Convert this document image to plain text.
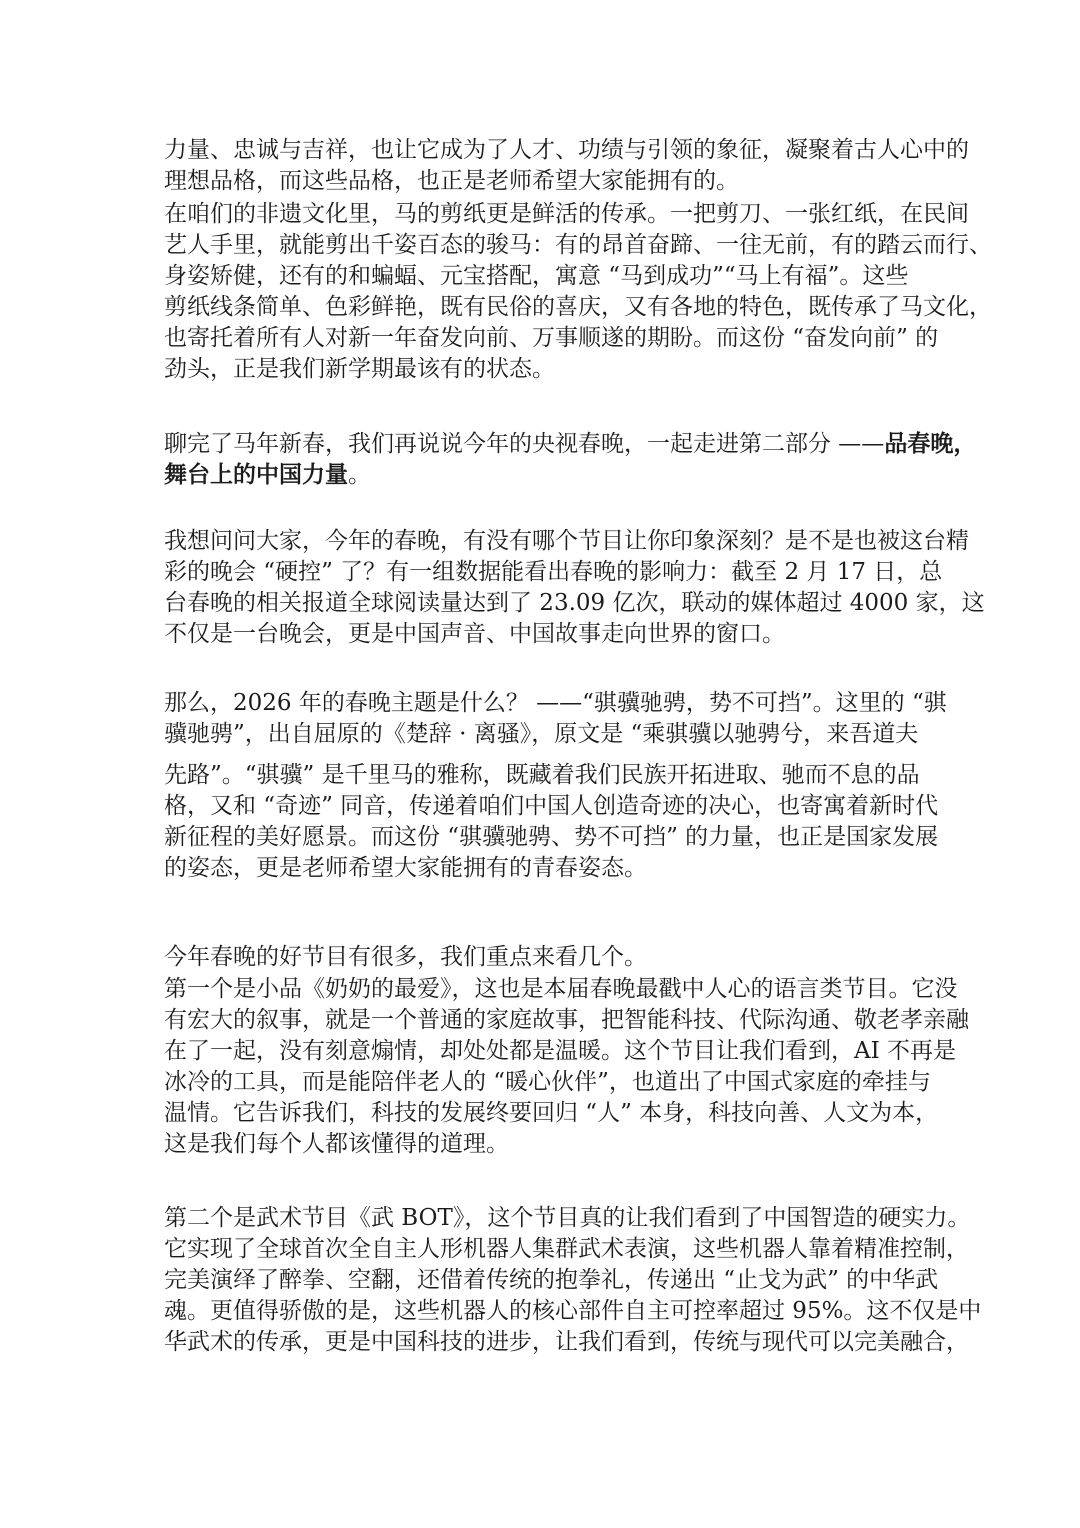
力量、忠诚与吉祥，也让它成为了人才、功绩与引领的象征，凝聚着古人心中的
理想品格，而这些品格，也正是老师希望大家能拥有的。
在咱们的非遗文化里，马的剪纸更是鲜活的传承。一把剪刀、一张红纸，在民间
艺人手里，就能剪出千姿百态的骏马：有的昂首奋蹄、一往无前，有的踏云而行、
身姿矫健，还有的和蝙蝠、元宝搭配，寓意 “马到成功”“马上有福”。这些
剪纸线条简单、色彩鲜艳，既有民俗的喜庆，又有各地的特色，既传承了马文化，
也寄托着所有人对新一年奋发向前、万事顺遂的期盼。而这份 “奋发向前” 的
劲头，正是我们新学期最该有的状态。
聊完了马年新春，我们再说说今年的央视春晚，一起走进第二部分 ——品春晚，
舞台上的中国力量。
我想问问大家，今年的春晚，有没有哪个节目让你印象深刻？是不是也被这台精
彩的晚会 “硬控” 了？有一组数据能看出春晚的影响力：截至 2 月 17 日，总
台春晚的相关报道全球阅读量达到了 23.09 亿次，联动的媒体超过 4000 家，这
不仅是一台晚会，更是中国声音、中国故事走向世界的窗口。
那么，2026 年的春晚主题是什么？ ——“骐骥驰骋，势不可挡”。这里的 “骐
骥驰骋”，出自屈原的《楚辞 · 离骚》，原文是 “乘骐骥以驰骋兮，来吾道夫
先路”。“骐骥” 是千里马的雅称，既藏着我们民族开拓进取、驰而不息的品
格，又和 “奇迹” 同音，传递着咱们中国人创造奇迹的决心，也寄寓着新时代
新征程的美好愿景。而这份 “骐骥驰骋、势不可挡” 的力量，也正是国家发展
的姿态，更是老师希望大家能拥有的青春姿态。
今年春晚的好节目有很多，我们重点来看几个。
第一个是小品《奶奶的最爱》，这也是本届春晚最戳中人心的语言类节目。它没
有宏大的叙事，就是一个普通的家庭故事，把智能科技、代际沟通、敬老孝亲融
在了一起，没有刻意煽情，却处处都是温暖。这个节目让我们看到，AI 不再是
冰冷的工具，而是能陪伴老人的 “暖心伙伴”，也道出了中国式家庭的牵挂与
温情。它告诉我们，科技的发展终要回归 “人” 本身，科技向善、人文为本，
这是我们每个人都该懂得的道理。
第二个是武术节目《武 BOT》，这个节目真的让我们看到了中国智造的硬实力。
它实现了全球首次全自主人形机器人集群武术表演，这些机器人靠着精准控制，
完美演绎了醉拳、空翻，还借着传统的抱拳礼，传递出 “止戈为武” 的中华武
魂。更值得骄傲的是，这些机器人的核心部件自主可控率超过 95%。这不仅是中
华武术的传承，更是中国科技的进步，让我们看到，传统与现代可以完美融合，
